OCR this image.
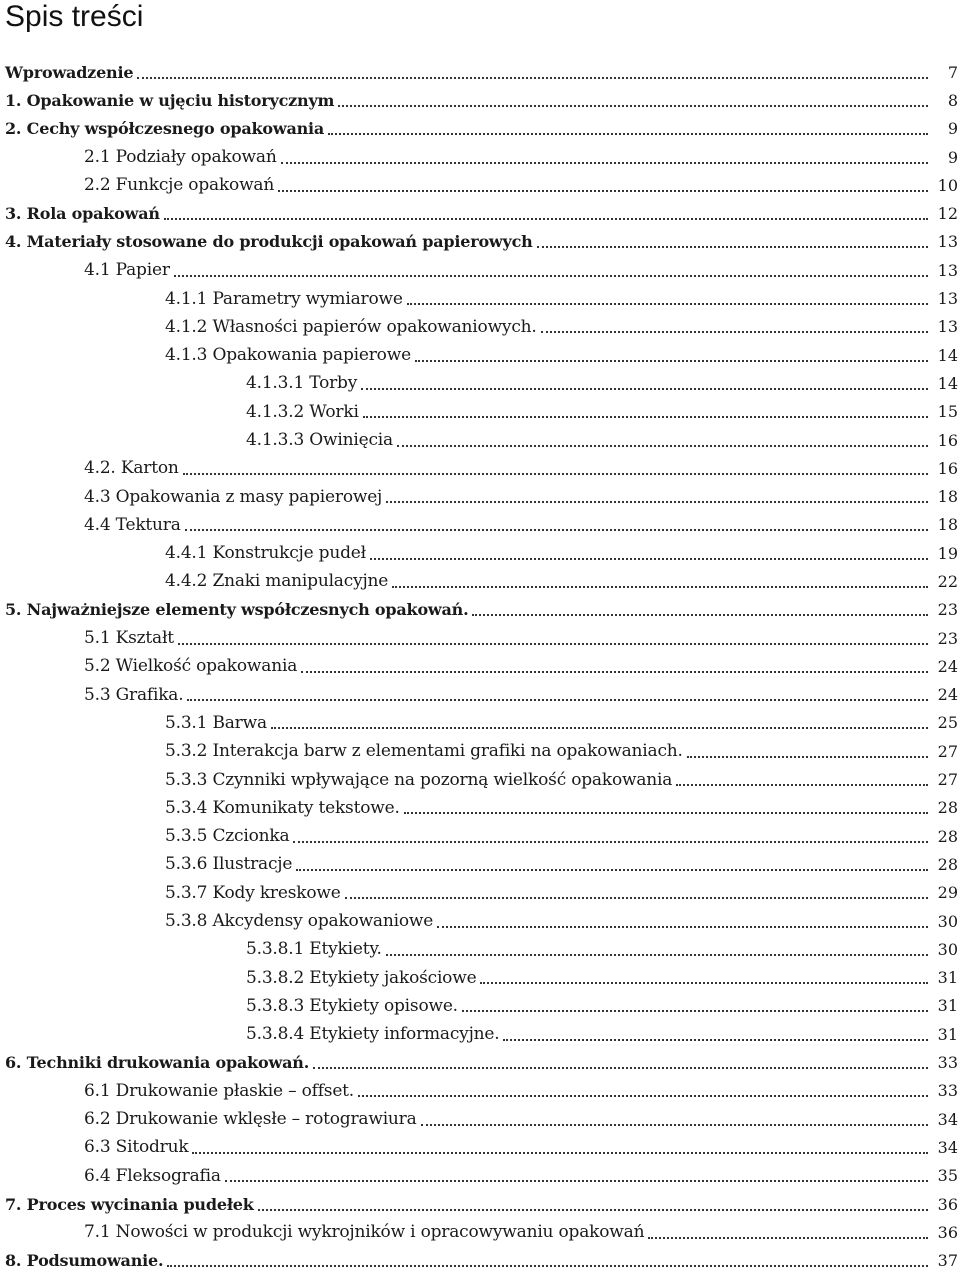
Spis treści
Wprowadzenie	7
1. Opakowanie w ujęciu historycznym	8
2. Cechy współczesnego opakowania	9
2.1 Podziały opakowań	9
2.2 Funkcje opakowań	10
3. Rola opakowań	12
4. Materiały stosowane do produkcji opakowań papierowych	13
4.1 Papier	13
4.1.1 Parametry wymiarowe	13
4.1.2 Własności papierów opakowaniowych.	13
4.1.3 Opakowania papierowe	14
4.1.3.1 Torby	14
4.1.3.2 Worki	15
4.1.3.3 Owinięcia	16
4.2. Karton	16
4.3 Opakowania z masy papierowej	18
4.4 Tektura	18
4.4.1 Konstrukcje pudeł	19
4.4.2 Znaki manipulacyjne	22
5. Najważniejsze elementy współczesnych opakowań.	23
5.1 Kształt	23
5.2 Wielkość opakowania	24
5.3 Grafika.	24
5.3.1 Barwa	25
5.3.2 Interakcja barw z elementami grafiki na opakowaniach.	27
5.3.3 Czynniki wpływające na pozorną wielkość opakowania	27
5.3.4 Komunikaty tekstowe.	28
5.3.5 Czcionka	28
5.3.6 Ilustracje	28
5.3.7 Kody kreskowe	29
5.3.8 Akcydensy opakowaniowe	30
5.3.8.1 Etykiety.	30
5.3.8.2 Etykiety jakościowe	31
5.3.8.3 Etykiety opisowe.	31
5.3.8.4 Etykiety informacyjne.	31
6. Techniki drukowania opakowań.	33
6.1 Drukowanie płaskie – offset.	33
6.2 Drukowanie wklęsłe – rotograwiura	34
6.3 Sitodruk	34
6.4 Fleksografia	35
7. Proces wycinania pudełek	36
7.1 Nowości w produkcji wykrojników i opracowywaniu opakowań	36
8. Podsumowanie.	37
